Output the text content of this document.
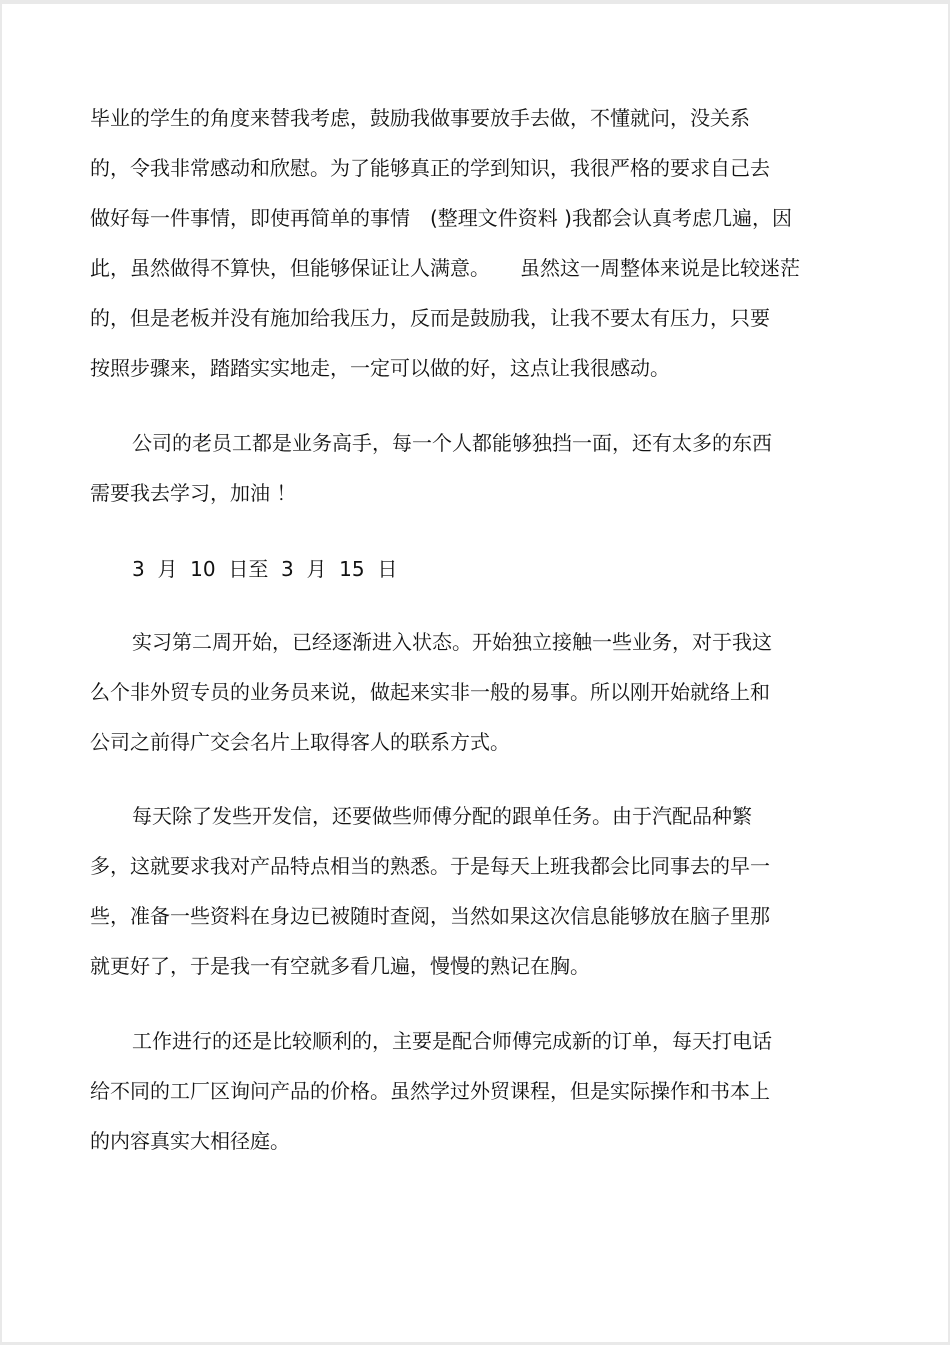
毕业的学生的角度来替我考虑，鼓励我做事要放手去做，不懂就问，没关系
的，令我非常感动和欣慰。为了能够真正的学到知识，我很严格的要求自己去
做好每一件事情，即使再简单的事情　(整理文件资料 )我都会认真考虑几遍，因
此，虽然做得不算快，但能够保证让人满意。　　虽然这一周整体来说是比较迷茫
的，但是老板并没有施加给我压力，反而是鼓励我，让我不要太有压力，只要
按照步骤来，踏踏实实地走，一定可以做的好，这点让我很感动。
公司的老员工都是业务高手，每一个人都能够独挡一面，还有太多的东西
需要我去学习，加油 ！
3  月  10  日至  3  月  15  日
实习第二周开始，已经逐渐进入状态。开始独立接触一些业务，对于我这
么个非外贸专员的业务员来说，做起来实非一般的易事。所以刚开始就络上和
公司之前得广交会名片上取得客人的联系方式。
每天除了发些开发信，还要做些师傅分配的跟单任务。由于汽配品种繁
多，这就要求我对产品特点相当的熟悉。于是每天上班我都会比同事去的早一
些，准备一些资料在身边已被随时查阅，当然如果这次信息能够放在脑子里那
就更好了，于是我一有空就多看几遍，慢慢的熟记在胸。
工作进行的还是比较顺利的，主要是配合师傅完成新的订单，每天打电话
给不同的工厂区询问产品的价格。虽然学过外贸课程，但是实际操作和书本上
的内容真实大相径庭。
